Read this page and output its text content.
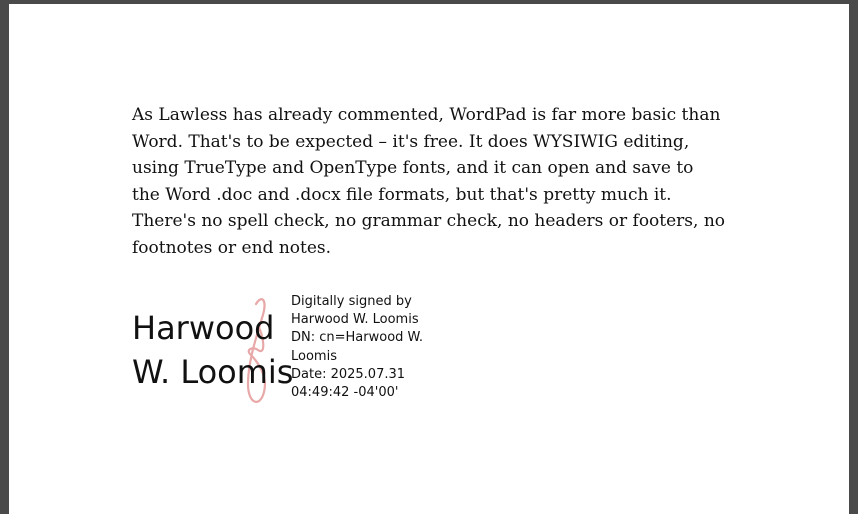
As Lawless has already commented, WordPad is far more basic than
Word. That's to be expected – it's free. It does WYSIWIG editing,
using TrueType and OpenType fonts, and it can open and save to
the Word .doc and .docx file formats, but that's pretty much it.
There's no spell check, no grammar check, no headers or footers, no
footnotes or end notes.

Harwood
W. Loomis
Digitally signed by
Harwood W. Loomis
DN: cn=Harwood W.
Loomis
Date: 2025.07.31
04:49:42 -04'00'
